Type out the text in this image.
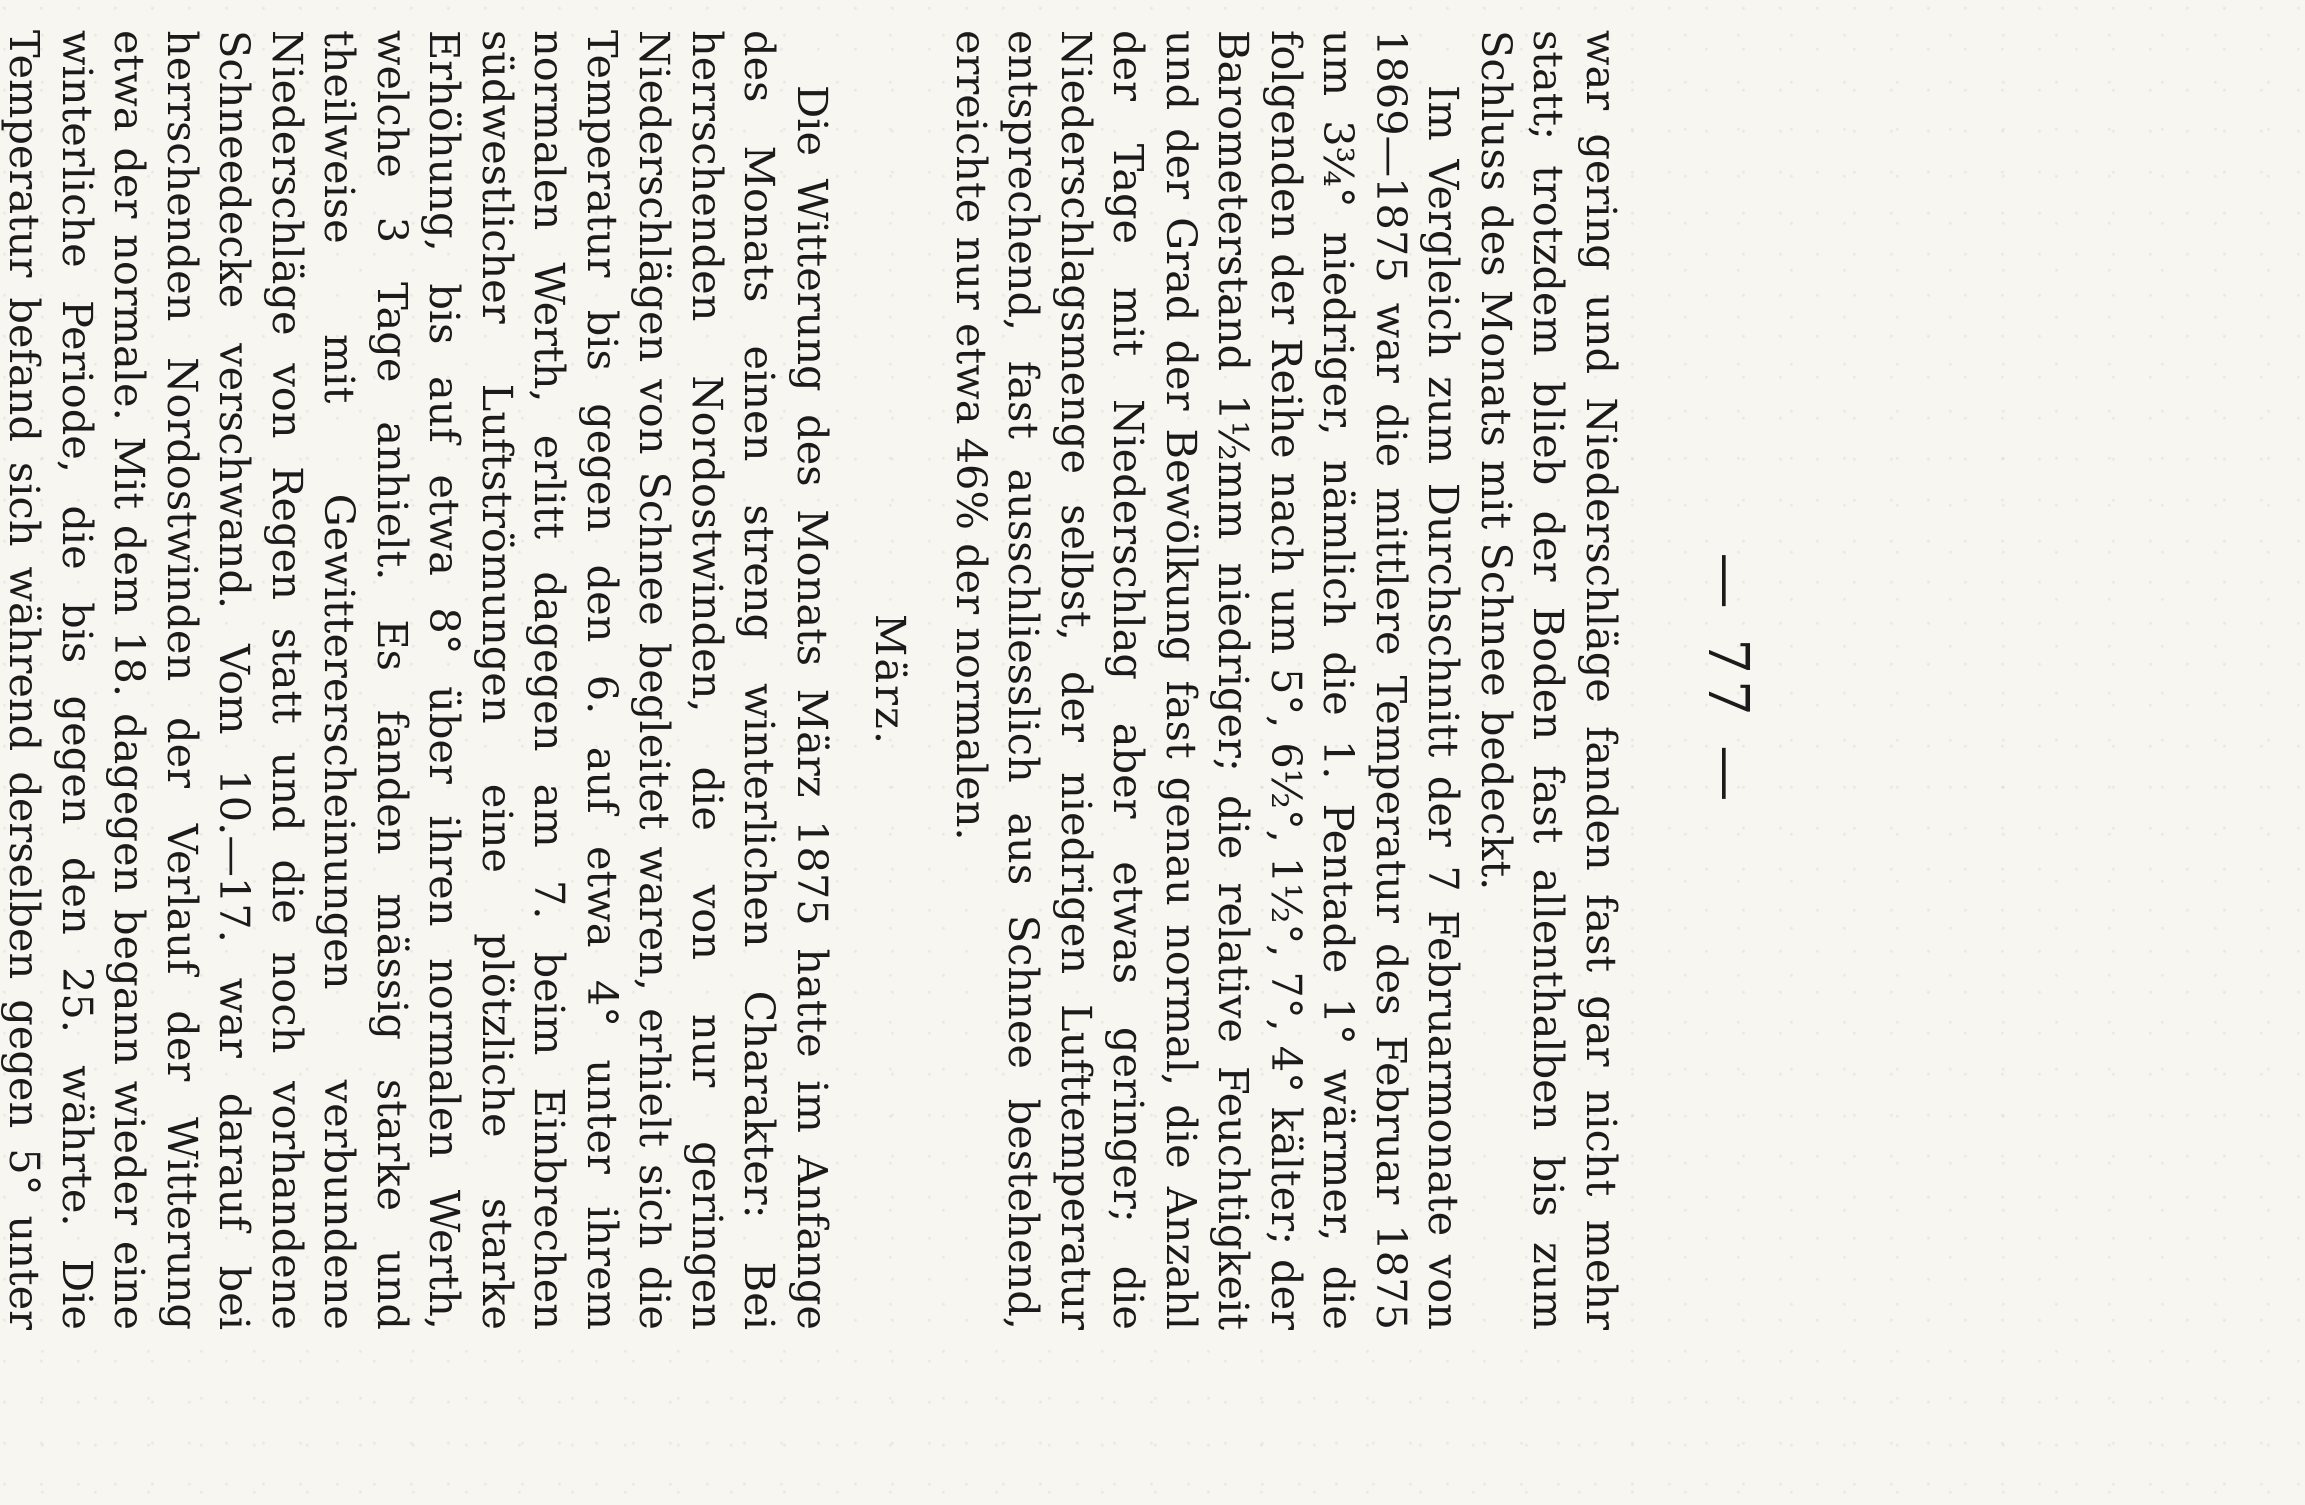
— 77 —

war gering und Niederschläge fanden fast gar nicht mehr statt; trotzdem blieb der Boden fast allenthalben bis zum Schluss des Monats mit Schnee bedeckt.

Im Vergleich zum Durchschnitt der 7 Februarmonate von 1869—1875 war die mittlere Temperatur des Februar 1875 um 3¾° niedriger, nämlich die 1. Pentade 1° wärmer, die folgenden der Reihe nach um 5°, 6½°, 1½°, 7°, 4° kälter; der Barometerstand 1½mm niedriger; die relative Feuchtigkeit und der Grad der Bewölkung fast genau normal, die Anzahl der Tage mit Niederschlag aber etwas geringer; die Niederschlagsmenge selbst, der niedrigen Lufttemperatur entsprechend, fast ausschliesslich aus Schnee bestehend, erreichte nur etwa 46% der normalen.

März.

Die Witterung des Monats März 1875 hatte im Anfange des Monats einen streng winterlichen Charakter: Bei herrschenden Nordostwinden, die von nur geringen Niederschlägen von Schnee begleitet waren, erhielt sich die Temperatur bis gegen den 6. auf etwa 4° unter ihrem normalen Werth, erlitt dagegen am 7. beim Einbrechen südwestlicher Luftströmungen eine plötzliche starke Erhöhung, bis auf etwa 8° über ihren normalen Werth, welche 3 Tage anhielt. Es fanden mässig starke und theilweise mit Gewittererscheinungen verbundene Niederschläge von Regen statt und die noch vorhandene Schneedecke verschwand. Vom 10.—17. war darauf bei herrschenden Nordostwinden der Verlauf der Witterung etwa der normale. Mit dem 18. dagegen begann wieder eine winterliche Periode, die bis gegen den 25. währte. Die Temperatur befand sich während derselben gegen 5° unter
